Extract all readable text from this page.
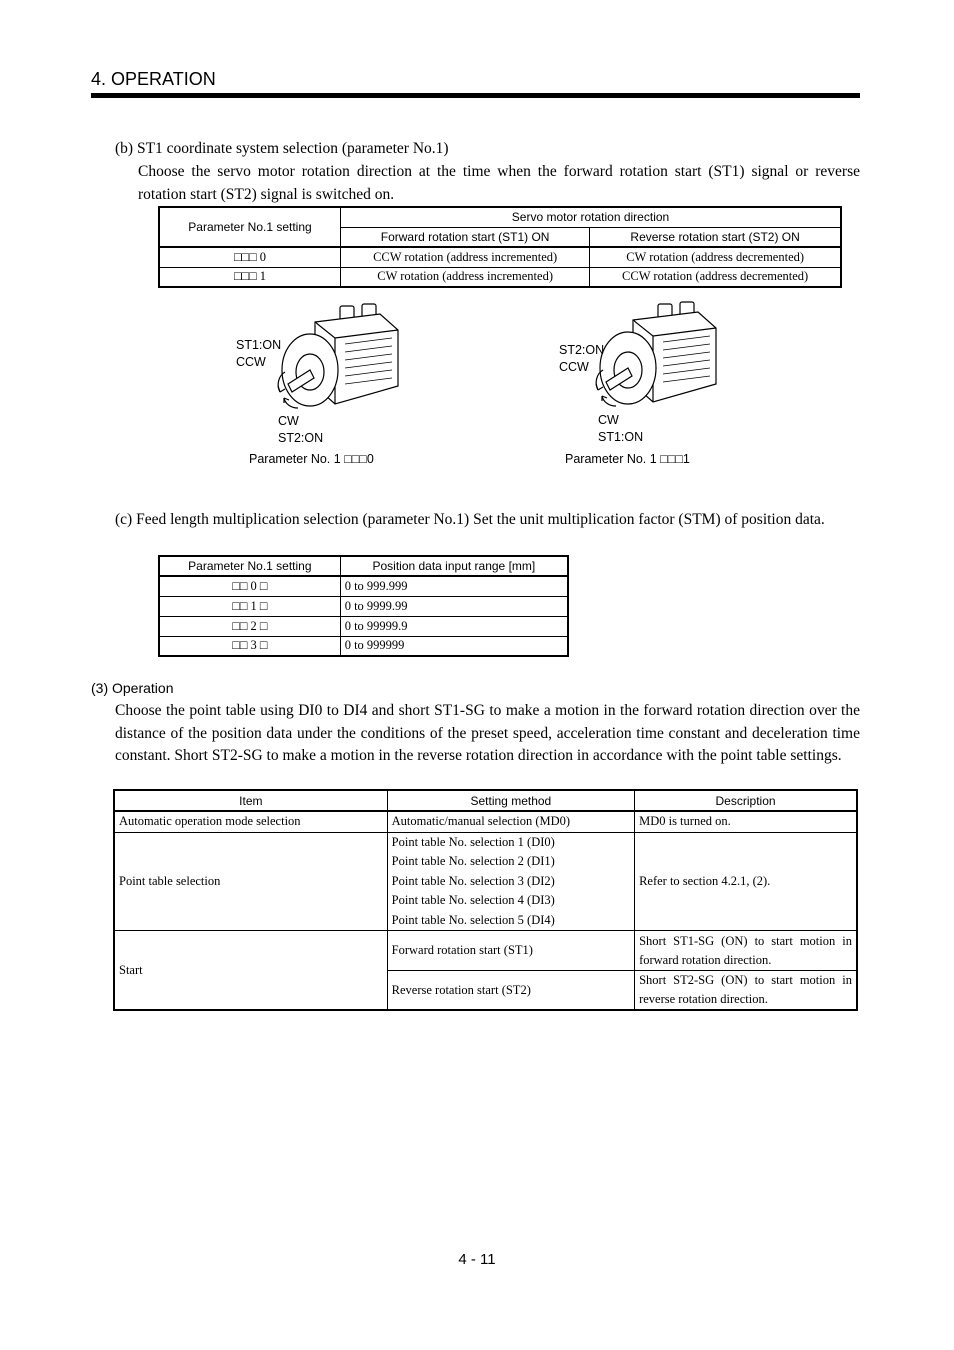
4. OPERATION
(b) ST1 coordinate system selection (parameter No.1)
Choose the servo motor rotation direction at the time when the forward rotation start (ST1) signal or reverse rotation start (ST2) signal is switched on.
Parameter No.1 setting	Servo motor rotation direction	
	Forward rotation start (ST1) ON	Reverse rotation start (ST2) ON
□□□ 0	CCW rotation (address incremented)	CW rotation (address decremented)
□□□ 1	CW rotation (address incremented)	CCW rotation (address decremented)
ST1:ON
CCW
CW
ST2:ON
Parameter No. 1 □□□0
ST2:ON
CCW
CW
ST1:ON
Parameter No. 1 □□□1
(c) Feed length multiplication selection (parameter No.1) Set the unit multiplication factor (STM) of position data.
Parameter No.1 setting	Position data input range [mm]
□□ 0 □	0 to 999.999
□□ 1 □	0 to 9999.99
□□ 2 □	0 to 99999.9
□□ 3 □	0 to 999999
(3) Operation
Choose the point table using DI0 to DI4 and short ST1-SG to make a motion in the forward rotation direction over the distance of the position data under the conditions of the preset speed, acceleration time constant and deceleration time constant. Short ST2-SG to make a motion in the reverse rotation direction in accordance with the point table settings.
Item	Setting method	Description
Automatic operation mode selection	Automatic/manual selection (MD0)	MD0 is turned on.
Point table selection	Point table No. selection 1 (DI0)
Point table No. selection 2 (DI1)
Point table No. selection 3 (DI2)
Point table No. selection 4 (DI3)
Point table No. selection 5 (DI4)	Refer to section 4.2.1, (2).
Start	Forward rotation start (ST1)	Short ST1-SG (ON) to start motion in forward rotation direction.
	Reverse rotation start (ST2)	Short ST2-SG (ON) to start motion in reverse rotation direction.
4 - 11
